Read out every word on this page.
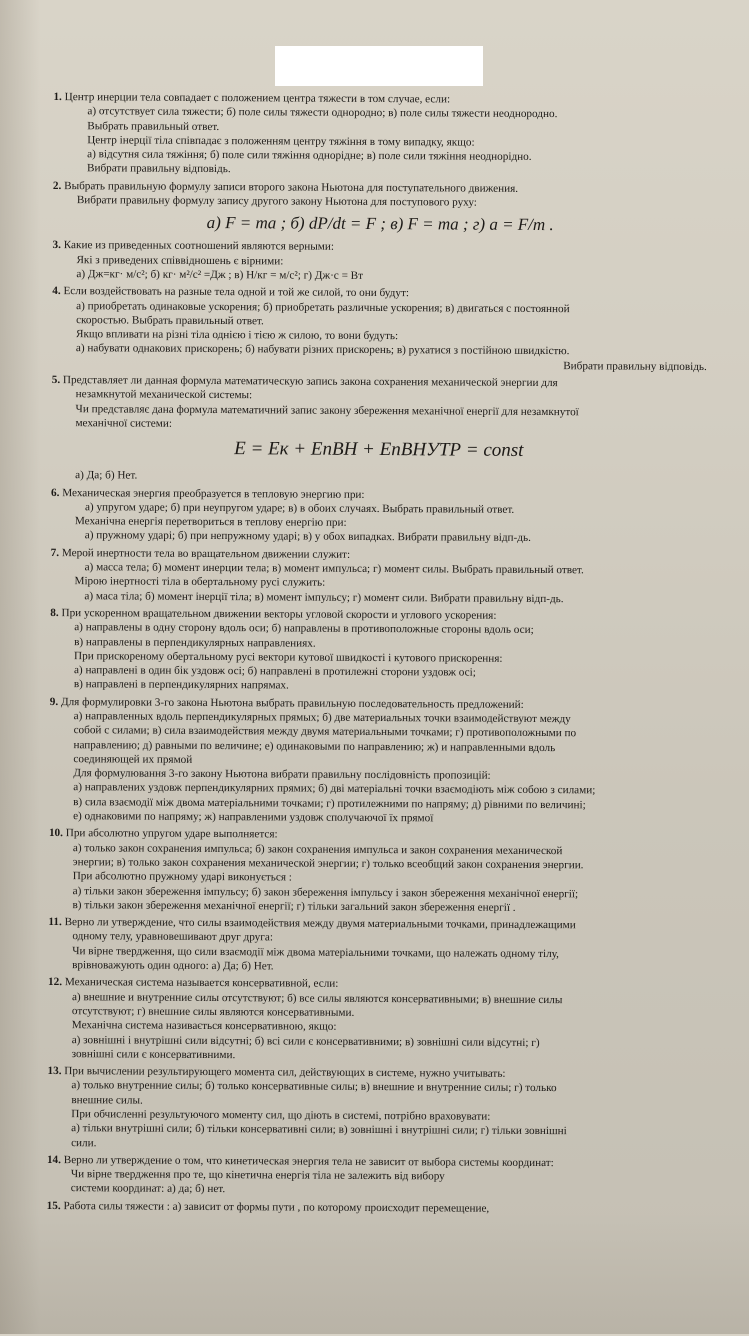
1. Центр инерции тела совпадает с положением центра тяжести в том случае, если:
а) отсутствует сила тяжести; б) поле силы тяжести однородно; в) поле силы тяжести неоднородно.
Выбрать правильный ответ.
Центр інерції тіла співпадає з положенням центру тяжіння в тому випадку, якщо:
а) відсутня сила тяжіння; б) поле сили тяжіння однорідне; в) поле сили тяжіння неоднорідно.
Вибрати правильну відповідь.
2. Выбрать правильную формулу записи второго закона Ньютона для поступательного движения.
Вибрати правильну формулу запису другого закону Ньютона для поступового руху:
а) F = ma ; б) dP/dt = F ; в) F = ma ; г) a = F/m .
3. Какие из приведенных соотношений являются верными:
Які з приведених співвідношень є вірними:
а) Дж=кг· м/с²; б) кг· м²/с² =Дж ; в) Н/кг = м/с²; г) Дж·с = Вт
4. Если воздействовать на разные тела одной и той же силой, то они будут:
а) приобретать одинаковые ускорения; б) приобретать различные ускорения; в) двигаться с постоянной
скоростью. Выбрать правильный ответ.
Якщо впливати на різні тіла однією і тією ж силою, то вони будуть:
а) набувати однакових прискорень; б) набувати різних прискорень; в) рухатися з постійною швидкістю.
Вибрати правильну відповідь.
5. Представляет ли данная формула математическую запись закона сохранения механической энергии для
незамкнутой механической системы:
Чи представляє дана формула математичний запис закону збереження механічної енергії для незамкнутої
механічної системи:
E = Eк + EпВН + EпВНУТР = const
а) Да; б) Нет.
6. Механическая энергия преобразуется в тепловую энергию при:
а) упругом ударе; б) при неупругом ударе; в) в обоих случаях. Выбрать правильный ответ.
Механічна енергія перетвориться в теплову енергію при:
а) пружному ударі; б) при непружному ударі; в) у обох випадках. Вибрати правильну відп-дь.
7. Мерой инертности тела во вращательном движении служит:
а) масса тела; б) момент инерции тела; в) момент импульса; г) момент силы. Выбрать правильный ответ.
Мірою інертності тіла в обертальному русі служить:
а) маса тіла; б) момент інерції тіла; в) момент імпульсу; г) момент сили. Вибрати правильну відп-дь.
8. При ускоренном вращательном движении векторы угловой скорости и углового ускорения:
а) направлены в одну сторону вдоль оси; б) направлены в противоположные стороны вдоль оси;
в) направлены в перпендикулярных направлениях.
При прискореному обертальному русі вектори кутової швидкості і кутового прискорення:
а) направлені в один бік уздовж осі; б) направлені в протилежні сторони уздовж осі;
в) направлені в перпендикулярних напрямах.
9. Для формулировки 3-го закона Ньютона выбрать правильную последовательность предложений:
а) направленных вдоль перпендикулярных прямых; б) две материальных точки взаимодействуют между
собой с силами; в) сила взаимодействия между двумя материальными точками; г) противоположными по
направлению; д) равными по величине; е) одинаковыми по направлению; ж) и направленными вдоль
соединяющей их прямой
Для формулювання 3-го закону Ньютона вибрати правильну послідовність пропозицій:
а) направлених уздовж перпендикулярних прямих; б) дві матеріальні точки взаємодіють між собою з силами;
в) сила взаємодії між двома матеріальними точками; г) протилежними по напряму; д) рівними по величині;
е) однаковими по напряму; ж) направленими уздовж сполучаючої їх прямої
10. При абсолютно упругом ударе выполняется:
а) только закон сохранения импульса; б) закон сохранения импульса и закон сохранения механической
энергии; в) только закон сохранения механической энергии; г) только всеобщий закон сохранения энергии.
При абсолютно пружному ударі виконується :
а) тільки закон збереження імпульсу; б) закон збереження імпульсу і закон збереження механічної енергії;
в) тільки закон збереження механічної енергії; г) тільки загальний закон збереження енергії .
11. Верно ли утверждение, что силы взаимодействия между двумя материальными точками, принадлежащими
одному телу, уравновешивают друг друга:
Чи вірне твердження, що сили взаємодії між двома матеріальними точками, що належать одному тілу,
врівноважують один одного: а) Да; б) Нет.
12. Механическая система называется консервативной, если:
а) внешние и внутренние силы отсутствуют; б) все силы являются консервативными; в) внешние силы
отсутствуют; г) внешние силы являются консервативными.
Механічна система називається консервативною, якщо:
а) зовнішні і внутрішні сили відсутні; б) всі сили є консервативними; в) зовнішні сили відсутні; г)
зовнішні сили є консервативними.
13. При вычислении результирующего момента сил, действующих в системе, нужно учитывать:
а) только внутренние силы; б) только консервативные силы; в) внешние и внутренние силы; г) только
внешние силы.
При обчисленні результуючого моменту сил, що діють в системі, потрібно враховувати:
а) тільки внутрішні сили; б) тільки консервативні сили; в) зовнішні і внутрішні сили; г) тільки зовнішні
сили.
14. Верно ли утверждение о том, что кинетическая энергия тела не зависит от выбора системы координат:
Чи вірне твердження про те, що кінетична енергія тіла не залежить від вибору
системи координат: а) да; б) нет.
15. Работа силы тяжести : а) зависит от формы пути , по которому происходит перемещение,
